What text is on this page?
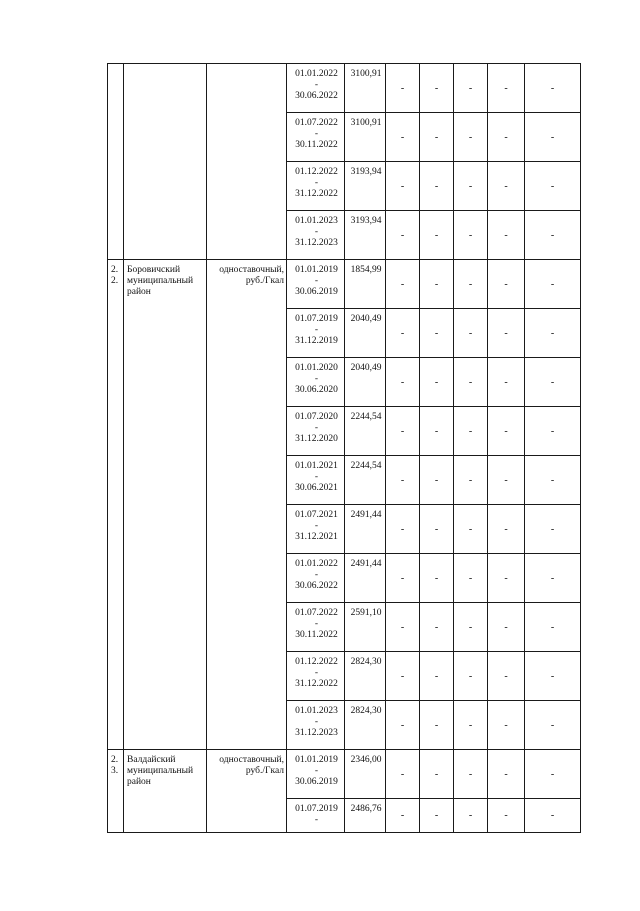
			01.01.2022
-
30.06.2022	3100,91	-	-	-	-	-

			01.07.2022
-
30.11.2022	3100,91	-	-	-	-	-

			01.12.2022
-
31.12.2022	3193,94	-	-	-	-	-

			01.01.2023
-
31.12.2023	3193,94	-	-	-	-	-
2. 2.	Боровичский муниципальный район	одноставочный, руб./Гкал	01.01.2019
-
30.06.2019	1854,99	-	-	-	-	-

			01.07.2019
-
31.12.2019	2040,49	-	-	-	-	-

			01.01.2020
-
30.06.2020	2040,49	-	-	-	-	-

			01.07.2020
-
31.12.2020	2244,54	-	-	-	-	-

			01.01.2021
-
30.06.2021	2244,54	-	-	-	-	-

			01.07.2021
-
31.12.2021	2491,44	-	-	-	-	-

			01.01.2022
-
30.06.2022	2491,44	-	-	-	-	-

			01.07.2022
-
30.11.2022	2591,10	-	-	-	-	-

			01.12.2022
-
31.12.2022	2824,30	-	-	-	-	-

			01.01.2023
-
31.12.2023	2824,30	-	-	-	-	-
2. 3.	Валдайский муниципальный район	одноставочный, руб./Гкал	01.01.2019
-
30.06.2019	2346,00	-	-	-	-	-

			01.07.2019
-	2486,76	-	-	-	-	-
